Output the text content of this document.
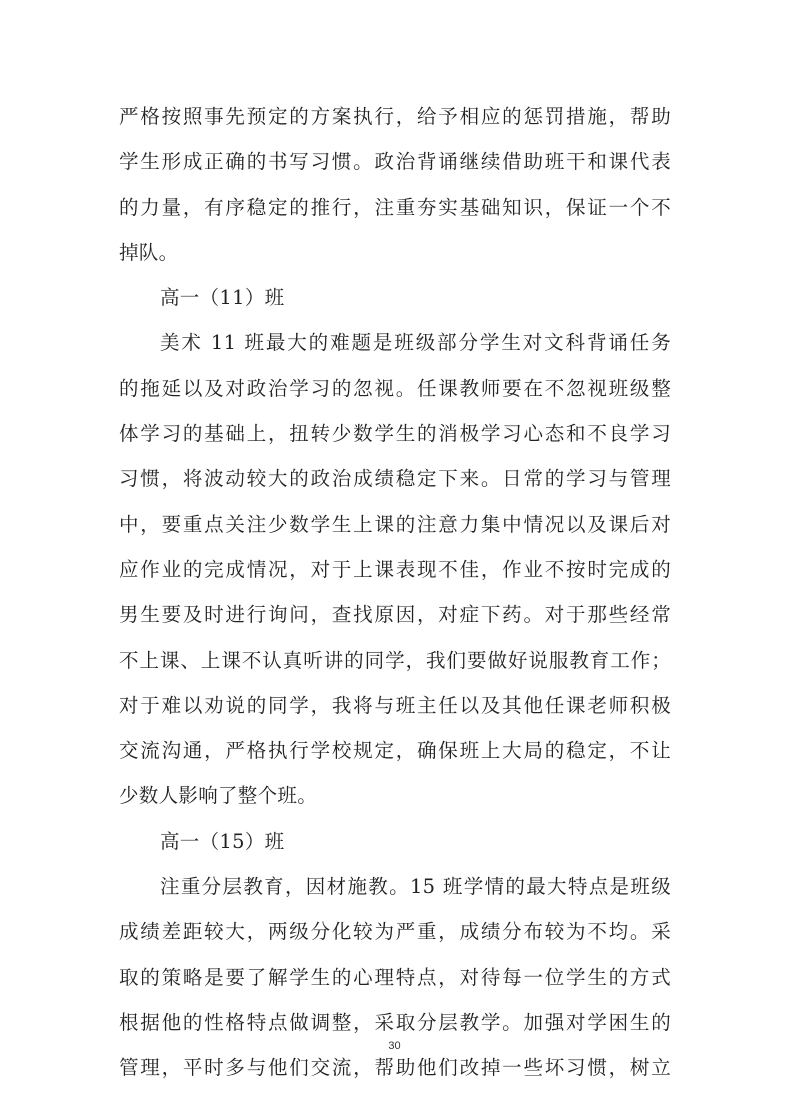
严格按照事先预定的方案执行，给予相应的惩罚措施，帮助
学生形成正确的书写习惯。政治背诵继续借助班干和课代表
的力量，有序稳定的推行，注重夯实基础知识，保证一个不
掉队。
高一（11）班
美术 11 班最大的难题是班级部分学生对文科背诵任务
的拖延以及对政治学习的忽视。任课教师要在不忽视班级整
体学习的基础上，扭转少数学生的消极学习心态和不良学习
习惯，将波动较大的政治成绩稳定下来。日常的学习与管理
中，要重点关注少数学生上课的注意力集中情况以及课后对
应作业的完成情况，对于上课表现不佳，作业不按时完成的
男生要及时进行询问，查找原因，对症下药。对于那些经常
不上课、上课不认真听讲的同学，我们要做好说服教育工作；
对于难以劝说的同学，我将与班主任以及其他任课老师积极
交流沟通，严格执行学校规定，确保班上大局的稳定，不让
少数人影响了整个班。
高一（15）班
注重分层教育，因材施教。15 班学情的最大特点是班级
成绩差距较大，两级分化较为严重，成绩分布较为不均。采
取的策略是要了解学生的心理特点，对待每一位学生的方式
根据他的性格特点做调整，采取分层教学。加强对学困生的
管理，平时多与他们交流，帮助他们改掉一些坏习惯，树立
30
